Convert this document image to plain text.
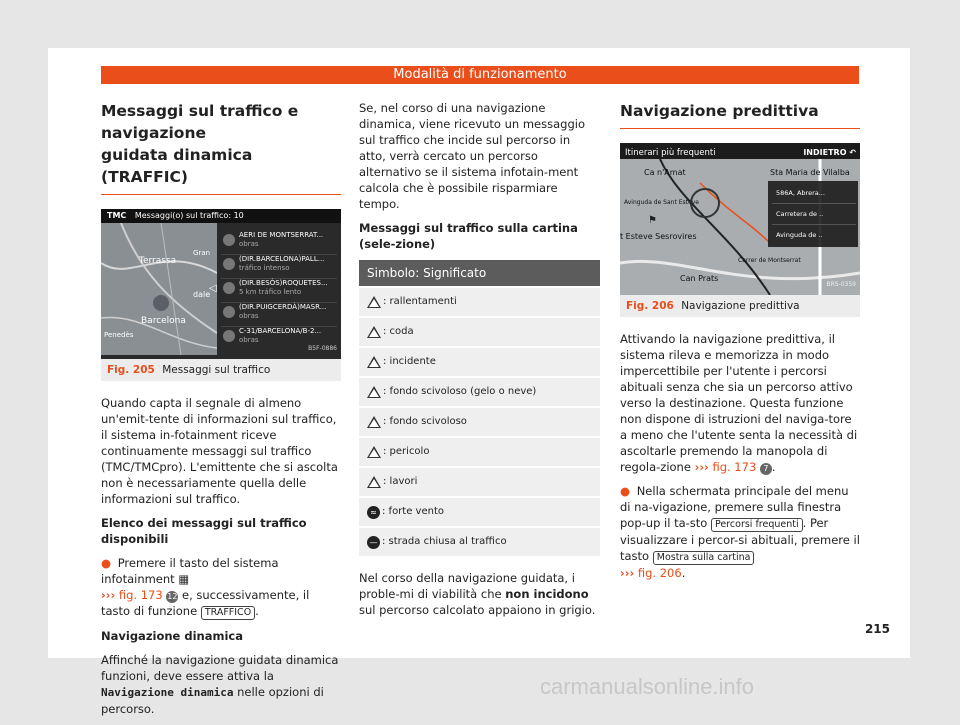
Modalità di funzionamento
Messaggi sul traffico e navigazione
guidata dinamica (TRAFFIC)
TMC Messaggi(o) sul traffico: 10
Terrassa
Barcelona
Penedès
Gran
dale
◁
AERI DE MONTSERRAT...
obras
(DIR.BARCELONA)PALL...
tráfico intenso
(DIR.BESÒS)ROQUETES...
5 km tráfico lento
(DIR.PUIGCERDÀ)MASR...
obras
C-31/BARCELONA/B-2...
obras
B5F-0886
Fig. 205 Messaggi sul traffico

Quando capta il segnale di almeno un'emit-tente di informazioni sul traffico, il sistema in-fotainment riceve continuamente messaggi sul traffico (TMC/TMCpro). L'emittente che si ascolta non è necessariamente quella delle informazioni sul traffico.

Elenco dei messaggi sul traffico disponibili

● Premere il tasto del sistema infotainment ▦
››› fig. 173 12 e, successivamente, il tasto di funzione TRAFFICO .

Navigazione dinamica

Affinché la navigazione guidata dinamica funzioni, deve essere attiva la Navigazione dinamica nelle opzioni di percorso.

Se, nel corso di una navigazione dinamica, viene ricevuto un messaggio sul traffico che incide sul percorso in atto, verrà cercato un percorso alternativo se il sistema infotain-ment calcola che è possibile risparmiare tempo.

Messaggi sul traffico sulla cartina (sele-zione)

Simbolo: Significato
: rallentamenti
: coda
: incidente
: fondo scivoloso (gelo o neve)
: fondo scivoloso
: pericolo
: lavori
≈ : forte vento
— : strada chiusa al traffico

Nel corso della navigazione guidata, i proble-mi di viabilità che non incidono sul percorso calcolato appaiono in grigio.

Navigazione predittiva
Itinerari più frequenti	INDIETRO ↶
Ca n'Amat	Sta Maria de Vilalba
Avinguda de Sant Esteve
t Esteve Sesrovires
Carrer de Montserrat
Can Prats
⚑
586A, Abrera...
Carretera de ..
Avinguda de ..
BRS-0359
Fig. 206 Navigazione predittiva

Attivando la navigazione predittiva, il sistema rileva e memorizza in modo impercettibile per l'utente i percorsi abituali senza che sia un percorso attivo verso la destinazione. Questa funzione non dispone di istruzioni del naviga-tore a meno che l'utente senta la necessità di ascoltarle premendo la manopola di regola-zione ››› fig. 173 7 .

● Nella schermata principale del menu di na-vigazione, premere sulla finestra pop-up il ta-sto Percorsi frequenti . Per visualizzare i percor-si abituali, premere il tasto Mostra sulla cartina
››› fig. 206.

215
carmanualsonline.info
